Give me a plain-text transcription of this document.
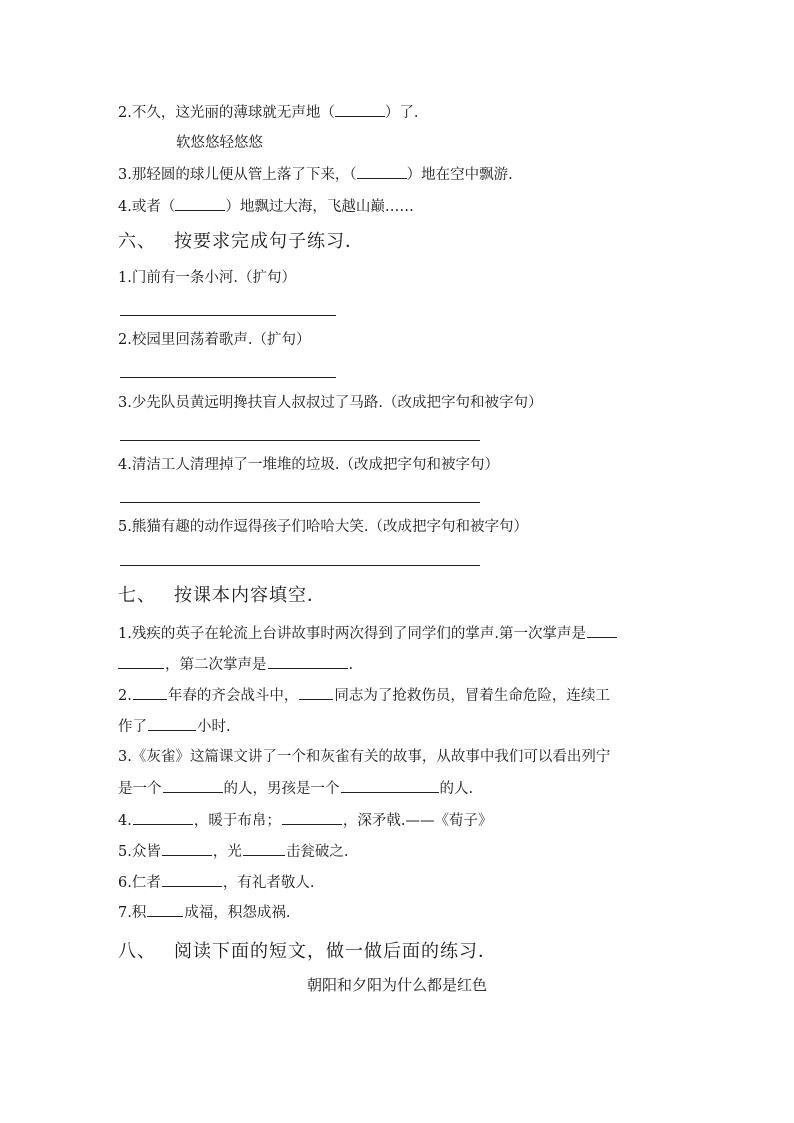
2.不久，这光丽的薄球就无声地（	）了.
软悠悠轻悠悠
3.那轻圆的球儿便从管上落了下来，（	）地在空中飘游.
4.或者（	）地飘过大海，飞越山巅……
六、 按要求完成句子练习．
1.门前有一条小河.（扩句）
2.校园里回荡着歌声.（扩句）
3.少先队员黄远明搀扶盲人叔叔过了马路.（改成把字句和被字句）
4.清洁工人清理掉了一堆堆的垃圾.（改成把字句和被字句）
5.熊猫有趣的动作逗得孩子们哈哈大笑.（改成把字句和被字句）
七、 按课本内容填空．
1.残疾的英子在轮流上台讲故事时两次得到了同学们的掌声.第一次掌声是
，第二次掌声是	.
2. 年春的齐会战斗中， 同志为了抢救伤员，冒着生命危险，连续工
作了	小时.
3.《灰雀》这篇课文讲了一个和灰雀有关的故事，从故事中我们可以看出列宁
是一个	的人，男孩是一个	的人.
4.	，暖于布帛；	，深矛戟.——《荀子》
5.众皆	，光	击瓮破之.
6.仁者	，有礼者敬人.
7.积	成福，积怨成祸.
八、 阅读下面的短文，做一做后面的练习．
朝阳和夕阳为什么都是红色
